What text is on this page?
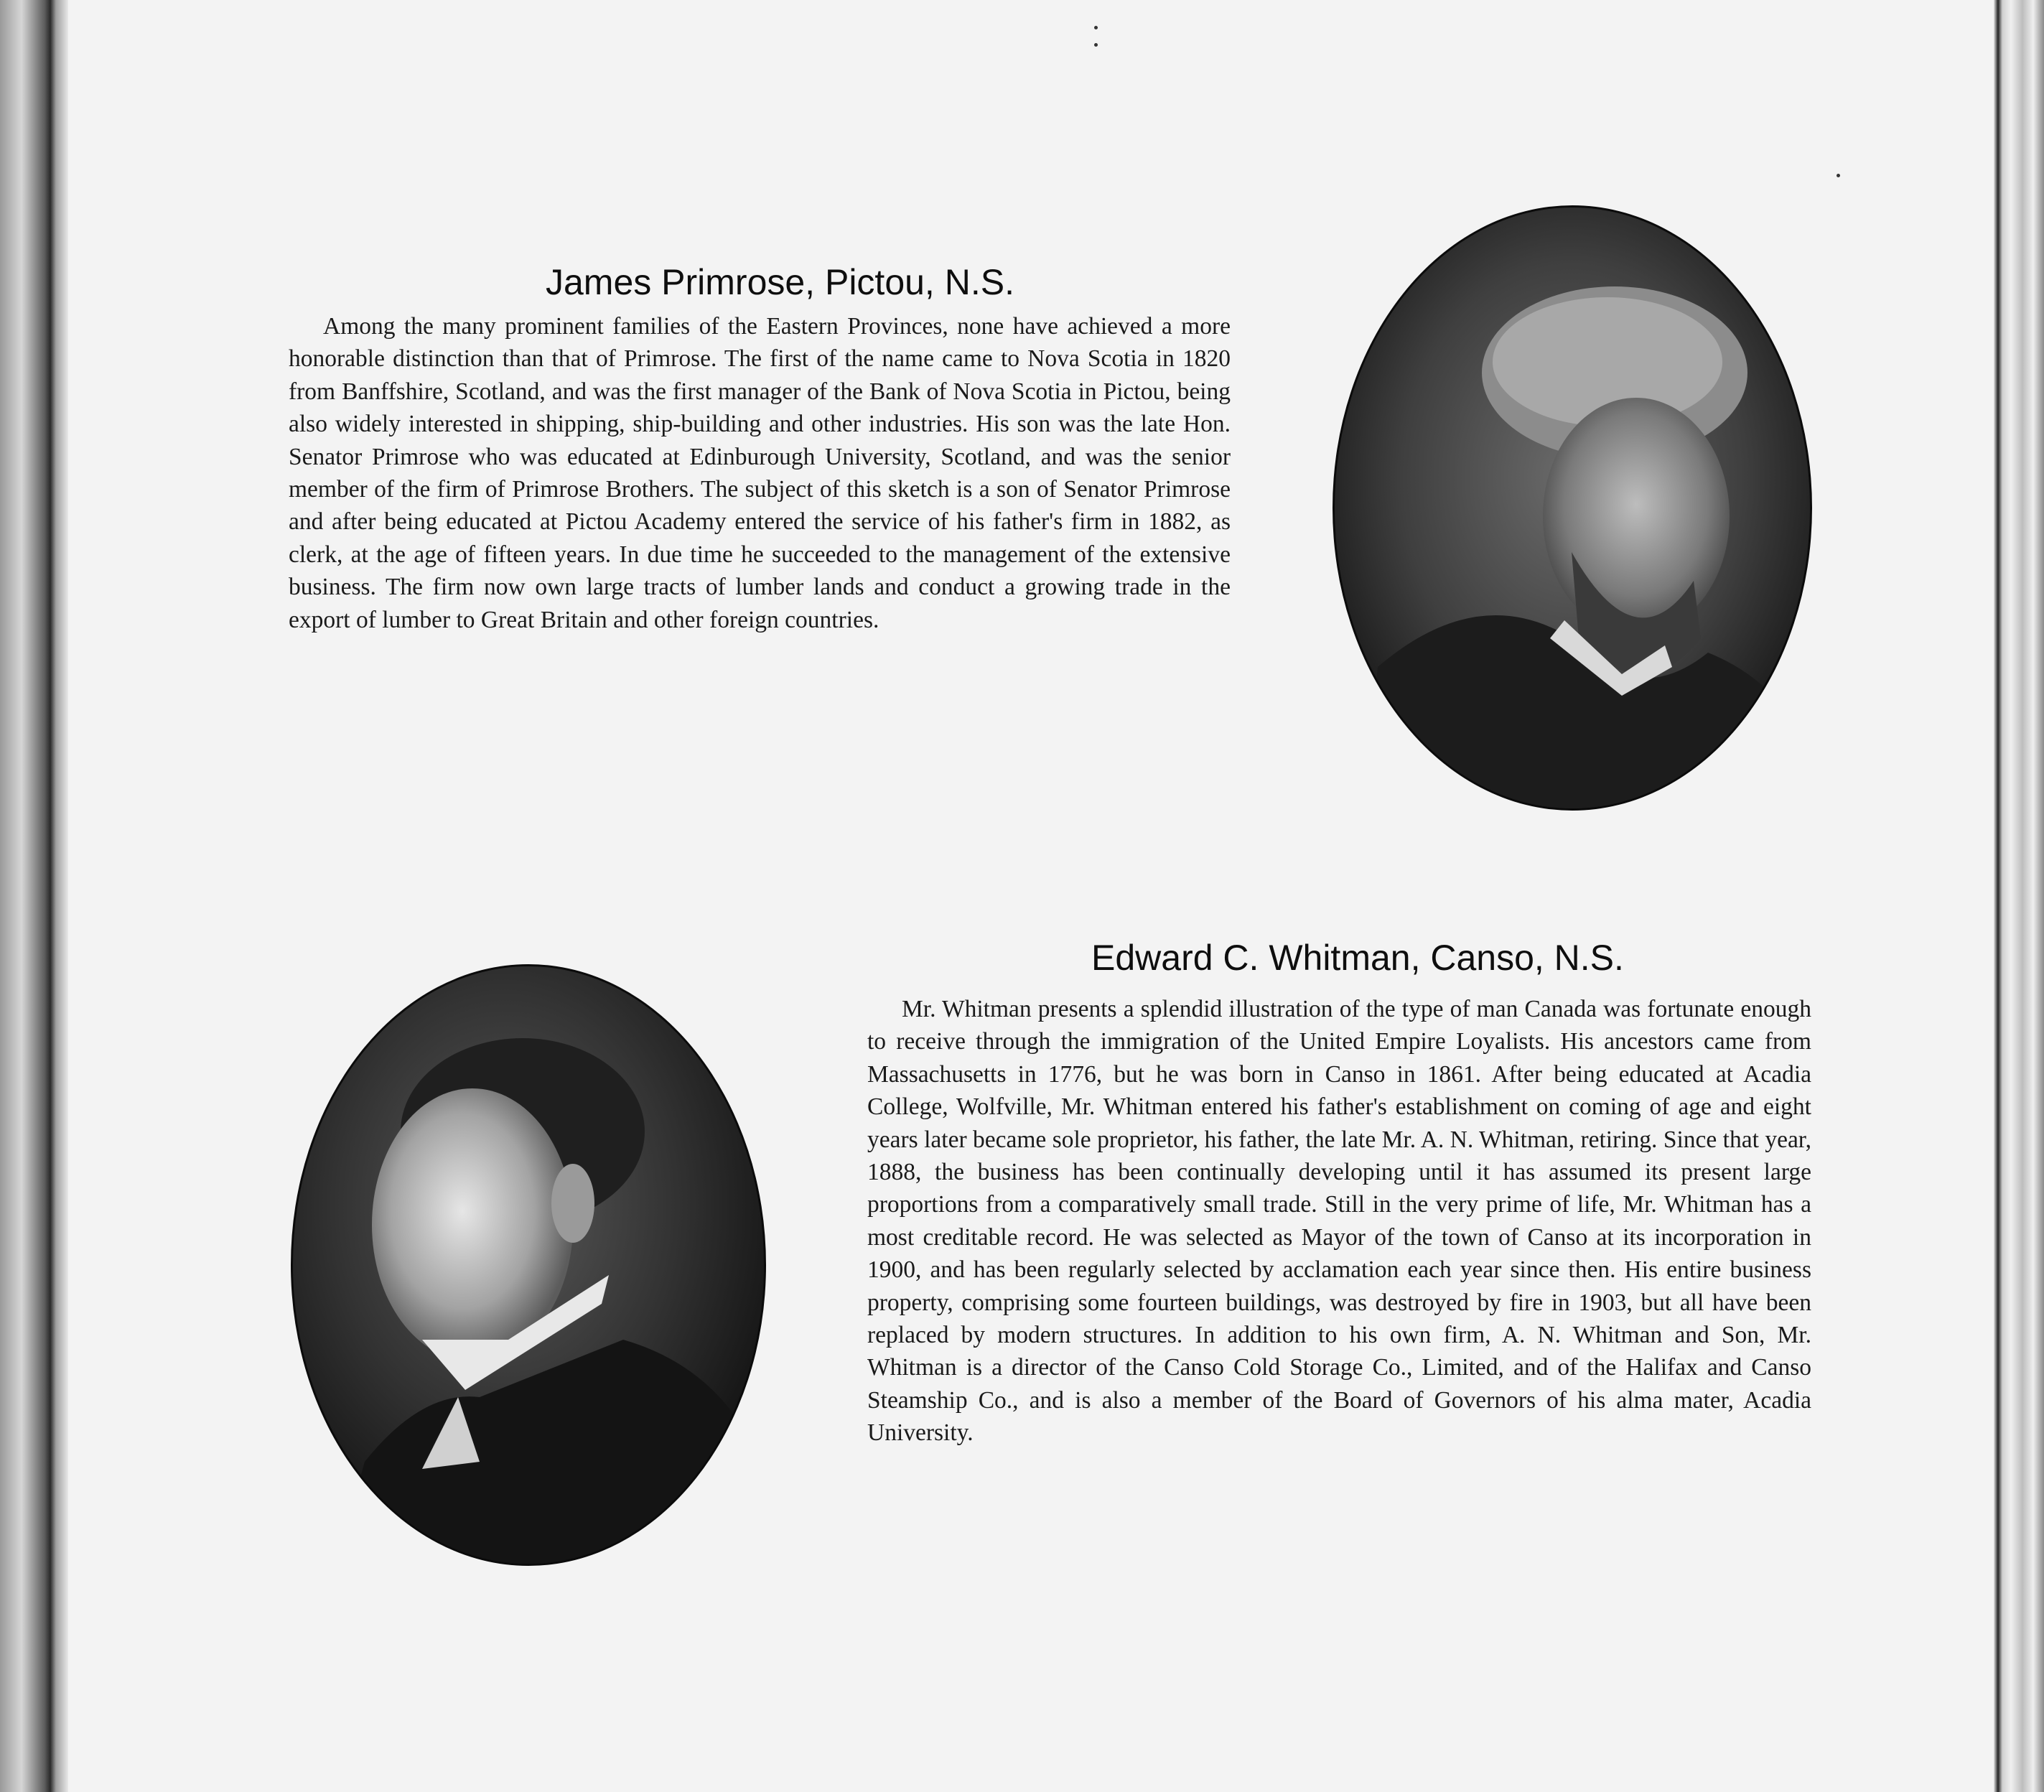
James Primrose, Pictou, N.S.

Among the many prominent families of the Eastern Provinces, none have achieved a more honorable distinction than that of Primrose. The first of the name came to Nova Scotia in 1820 from Banffshire, Scotland, and was the first manager of the Bank of Nova Scotia in Pictou, being also widely interested in shipping, ship-building and other industries. His son was the late Hon. Senator Primrose who was educated at Edinburough University, Scotland, and was the senior member of the firm of Primrose Brothers. The subject of this sketch is a son of Senator Primrose and after being educated at Pictou Academy entered the service of his father's firm in 1882, as clerk, at the age of fifteen years. In due time he succeeded to the management of the extensive business. The firm now own large tracts of lumber lands and conduct a growing trade in the export of lumber to Great Britain and other foreign countries.

Edward C. Whitman, Canso, N.S.

Mr. Whitman presents a splendid illustration of the type of man Canada was fortunate enough to receive through the immigration of the United Empire Loyalists. His ancestors came from Massachusetts in 1776, but he was born in Canso in 1861. After being educated at Acadia College, Wolfville, Mr. Whitman entered his father's establishment on coming of age and eight years later became sole proprietor, his father, the late Mr. A. N. Whitman, retiring. Since that year, 1888, the business has been continually developing until it has assumed its present large proportions from a comparatively small trade. Still in the very prime of life, Mr. Whitman has a most creditable record. He was selected as Mayor of the town of Canso at its incorporation in 1900, and has been regularly selected by acclamation each year since then. His entire business property, comprising some fourteen buildings, was destroyed by fire in 1903, but all have been replaced by modern structures. In addition to his own firm, A. N. Whitman and Son, Mr. Whitman is a director of the Canso Cold Storage Co., Limited, and of the Halifax and Canso Steamship Co., and is also a member of the Board of Governors of his alma mater, Acadia University.
